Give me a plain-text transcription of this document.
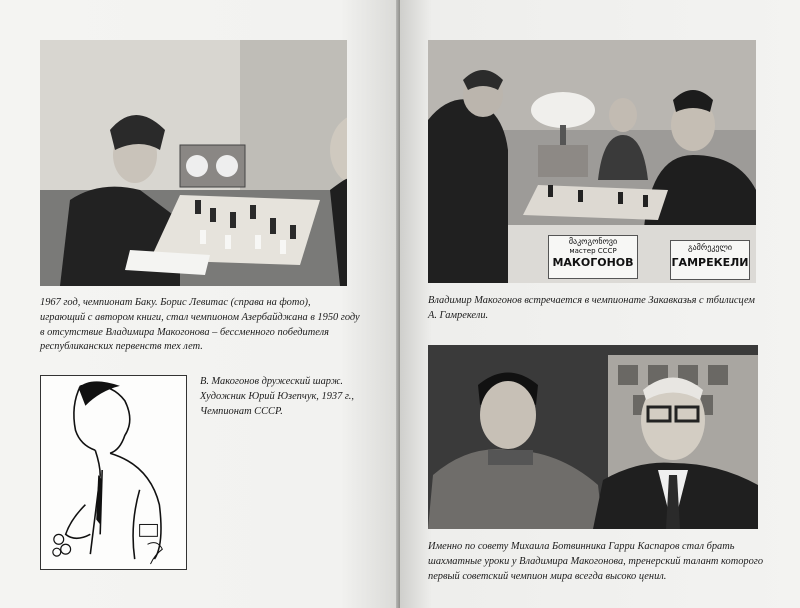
1967 год, чемпионат Баку. Борис Левитас (справа на фото),
играющий с автором книги, стал чемпионом Азербайджана в 1950 году
в отсутствие Владимира Макогонова – бессменного победителя
республиканских первенств тех лет.

В. Макогонов дружеский шарж.
Художник Юрий Юзепчук, 1937 г.,
Чемпионат СССР.

მაკოგონოვი
мастер СССР
МАКОГОНОВ
გამრეკელი
ГАМРЕКЕЛИ

Владимир Макогонов встречается в чемпионате Закавказья с тбилисцем
А. Гамрекели.

Именно по совету Михаила Ботвинника Гарри Каспаров стал брать
шахматные уроки у Владимира Макогонова, тренерский талант которого
первый советский чемпион мира всегда высоко ценил.
